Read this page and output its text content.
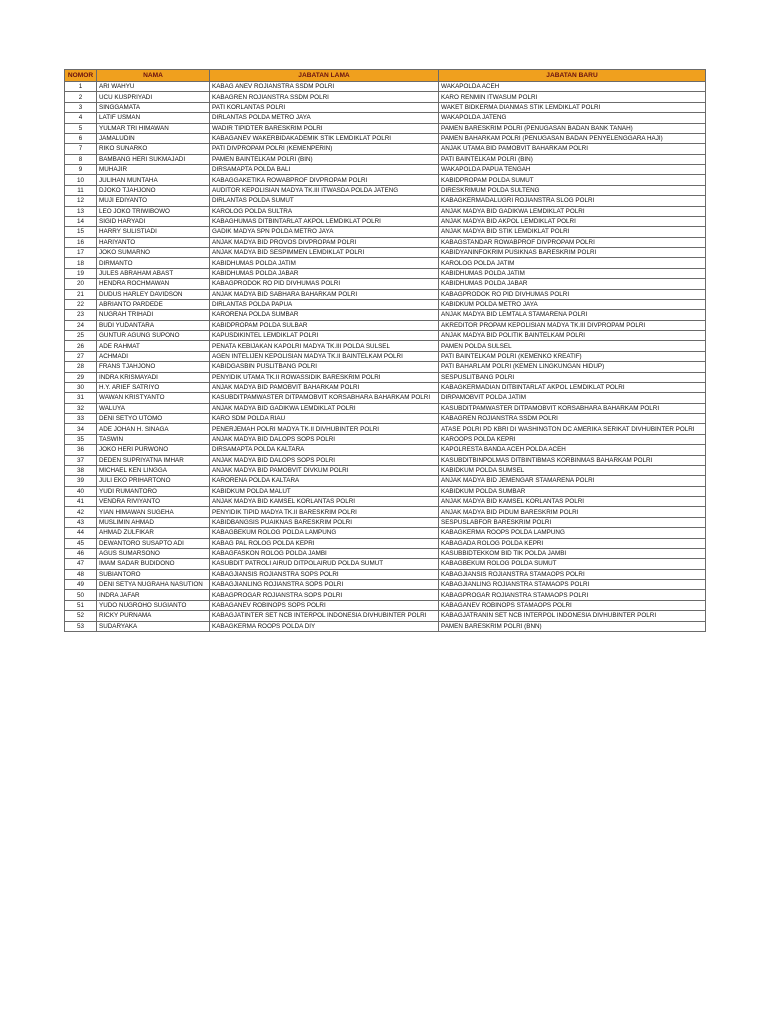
NOMOR	NAMA	JABATAN LAMA	JABATAN BARU
1	ARI WAHYU	KABAG ANEV ROJIANSTRA SSDM POLRI	WAKAPOLDA ACEH
2	UCU KUSPRIYADI	KABAGREN ROJIANSTRA SSDM POLRI	KARO RENMIN ITWASUM POLRI
3	SINGGAMATA	PATI KORLANTAS POLRI	WAKET BIDKERMA DIANMAS STIK LEMDIKLAT POLRI
4	LATIF USMAN	DIRLANTAS POLDA METRO JAYA	WAKAPOLDA JATENG
5	YULMAR TRI HIMAWAN	WADIR TIPIDTER BARESKRIM POLRI	PAMEN BARESKRIM POLRI (PENUGASAN BADAN BANK TANAH)
6	JAMALUDIN	KABAGANEV WAKERBIDAKADEMIK STIK LEMDIKLAT POLRI	PAMEN BAHARKAM POLRI (PENUGASAN BADAN PENYELENGGARA HAJI)
7	RIKO SUNARKO	PATI DIVPROPAM POLRI (KEMENPERIN)	ANJAK UTAMA BID PAMOBVIT BAHARKAM POLRI
8	BAMBANG HERI SUKMAJADI	PAMEN BAINTELKAM POLRI (BIN)	PATI BAINTELKAM POLRI (BIN)
9	MUHAJIR	DIRSAMAPTA POLDA BALI	WAKAPOLDA PAPUA TENGAH
10	JULIHAN MUNTAHA	KABAGGAKETIKA ROWABPROF DIVPROPAM POLRI	KABIDPROPAM POLDA SUMUT
11	DJOKO TJAHJONO	AUDITOR KEPOLISIAN MADYA TK.III ITWASDA POLDA JATENG	DIRESKRIMUM POLDA SULTENG
12	MUJI EDIYANTO	DIRLANTAS POLDA SUMUT	KABAGKERMADALUGRI ROJIANSTRA SLOG POLRI
13	LEO JOKO TRIWIBOWO	KAROLOG POLDA SULTRA	ANJAK MADYA BID GADIKWA LEMDIKLAT POLRI
14	SIGID HARYADI	KABAGHUMAS DITBINTARLAT AKPOL LEMDIKLAT POLRI	ANJAK MADYA BID AKPOL LEMDIKLAT POLRI
15	HARRY SULISTIADI	GADIK MADYA SPN POLDA METRO JAYA	ANJAK MADYA BID STIK LEMDIKLAT POLRI
16	HARIYANTO	ANJAK MADYA BID PROVOS DIVPROPAM POLRI	KABAGSTANDAR ROWABPROF DIVPROPAM POLRI
17	JOKO SUMARNO	ANJAK MADYA BID SESPIMMEN LEMDIKLAT POLRI	KABIDYANINFOKRIM PUSIKNAS BARESKRIM POLRI
18	DIRMANTO	KABIDHUMAS POLDA JATIM	KAROLOG POLDA JATIM
19	JULES ABRAHAM ABAST	KABIDHUMAS POLDA JABAR	KABIDHUMAS POLDA JATIM
20	HENDRA ROCHMAWAN	KABAGPRODOK RO PID DIVHUMAS POLRI	KABIDHUMAS POLDA JABAR
21	DUDUS HARLEY DAVIDSON	ANJAK MADYA BID SABHARA BAHARKAM POLRI	KABAGPRODOK RO PID DIVHUMAS POLRI
22	ABRIANTO PARDEDE	DIRLANTAS POLDA PAPUA	KABIDKUM POLDA METRO JAYA
23	NUGRAH TRIHADI	KARORENA POLDA SUMBAR	ANJAK MADYA BID LEMTALA STAMARENA POLRI
24	BUDI YUDANTARA	KABIDPROPAM POLDA SULBAR	AKREDITOR PROPAM KEPOLISIAN MADYA TK.III DIVPROPAM POLRI
25	GUNTUR AGUNG SUPONO	KAPUSDIKINTEL LEMDIKLAT POLRI	ANJAK MADYA BID POLITIK BAINTELKAM POLRI
26	ADE RAHMAT	PENATA KEBIJAKAN KAPOLRI MADYA TK.III POLDA SULSEL	PAMEN POLDA SULSEL
27	ACHMADI	AGEN INTELIJEN KEPOLISIAN MADYA TK.II BAINTELKAM POLRI	PATI BAINTELKAM POLRI (KEMENKO KREATIF)
28	FRANS TJAHJONO	KABIDGASBIN PUSLITBANG POLRI	PATI BAHARLAM POLRI (KEMEN LINGKUNGAN HIDUP)
29	INDRA KRISMAYADI	PENYIDIK UTAMA TK.II ROWASSIDIK BARESKRIM POLRI	SESPUSLITBANG POLRI
30	H.Y. ARIEF SATRIYO	ANJAK MADYA BID PAMOBVIT BAHARKAM POLRI	KABAGKERMADIAN DITBINTARLAT AKPOL LEMDIKLAT POLRI
31	WAWAN KRISTYANTO	KASUBDITPAMWASTER DITPAMOBVIT KORSABHARA BAHARKAM POLRI	DIRPAMOBVIT POLDA JATIM
32	WALUYA	ANJAK MADYA BID GADIKWA LEMDIKLAT POLRI	KASUBDITPAMWASTER DITPAMOBVIT KORSABHARA BAHARKAM POLRI
33	DENI SETYO UTOMO	KARO SDM POLDA RIAU	KABAGREN ROJIANSTRA SSDM POLRI
34	ADE JOHAN H. SINAGA	PENERJEMAH POLRI MADYA TK.II DIVHUBINTER POLRI	ATASE POLRI PD KBRI DI WASHINGTON DC AMERIKA SERIKAT DIVHUBINTER POLRI
35	TASWIN	ANJAK MADYA BID DALOPS SOPS POLRI	KAROOPS POLDA KEPRI
36	JOKO HERI PURWONO	DIRSAMAPTA POLDA KALTARA	KAPOLRESTA BANDA ACEH POLDA ACEH
37	DEDEN SUPRIYATNA IMHAR	ANJAK MADYA BID DALOPS SOPS POLRI	KASUBDITBINPOLMAS DITBINTIBMAS KORBINMAS BAHARKAM POLRI
38	MICHAEL KEN LINGGA	ANJAK MADYA BID PAMOBVIT DIVKUM POLRI	KABIDKUM POLDA SUMSEL
39	JULI EKO PRIHARTONO	KARORENA POLDA KALTARA	ANJAK MADYA BID JEMENGAR STAMARENA POLRI
40	YUDI RUMANTORO	KABIDKUM POLDA MALUT	KABIDKUM POLDA SUMBAR
41	VENDRA RIVIYANTO	ANJAK MADYA BID KAMSEL KORLANTAS POLRI	ANJAK MADYA BID KAMSEL KORLANTAS POLRI
42	YIAN HIMAWAN SUGEHA	PENYIDIK TIPID MADYA TK.II BARESKRIM POLRI	ANJAK MADYA BID PIDUM BARESKRIM POLRI
43	MUSLIMIN AHMAD	KABIDBANGSIS PUAIKNAS BARESKRIM POLRI	SESPUSLABFOR BARESKRIM POLRI
44	AHMAD ZULFIKAR	KABAGBEKUM ROLOG POLDA LAMPUNG	KABAGKERMA ROOPS POLDA LAMPUNG
45	DEWANTORO SUSAPTO ADI	KABAG PAL ROLOG POLDA KEPRI	KABAGADA ROLOG POLDA KEPRI
46	AGUS SUMARSONO	KABAGFASKON ROLOG POLDA JAMBI	KASUBBIDTEKKOM BID TIK POLDA JAMBI
47	IMAM SADAR BUDIDONO	KASUBDIT PATROLI AIRUD DITPOLAIRUD POLDA SUMUT	KABAGBEKUM ROLOG POLDA SUMUT
48	SUBIANTORO	KABAGJIANSIS ROJIANSTRA SOPS POLRI	KABAGJIANSIS ROJIANSTRA STAMAOPS POLRI
49	DENI SETYA NUGRAHA NASUTION	KABAGJIANLING ROJIANSTRA SOPS POLRI	KABAGJIANLING ROJIANSTRA STAMAOPS POLRI
50	INDRA JAFAR	KABAGPROGAR ROJIANSTRA SOPS POLRI	KABAGPROGAR ROJIANSTRA STAMAOPS POLRI
51	YUDO NUGROHO SUGIANTO	KABAGANEV ROBINOPS SOPS POLRI	KABAGANEV ROBINOPS STAMAOPS POLRI
52	RICKY PURNAMA	KABAGJATINTER SET NCB INTERPOL INDONESIA DIVHUBINTER POLRI	KABAGJATRANIN SET NCB INTERPOL INDONESIA DIVHUBINTER POLRI
53	SUDARYAKA	KABAGKERMA ROOPS POLDA DIY	PAMEN BARESKRIM POLRI (BNN)
